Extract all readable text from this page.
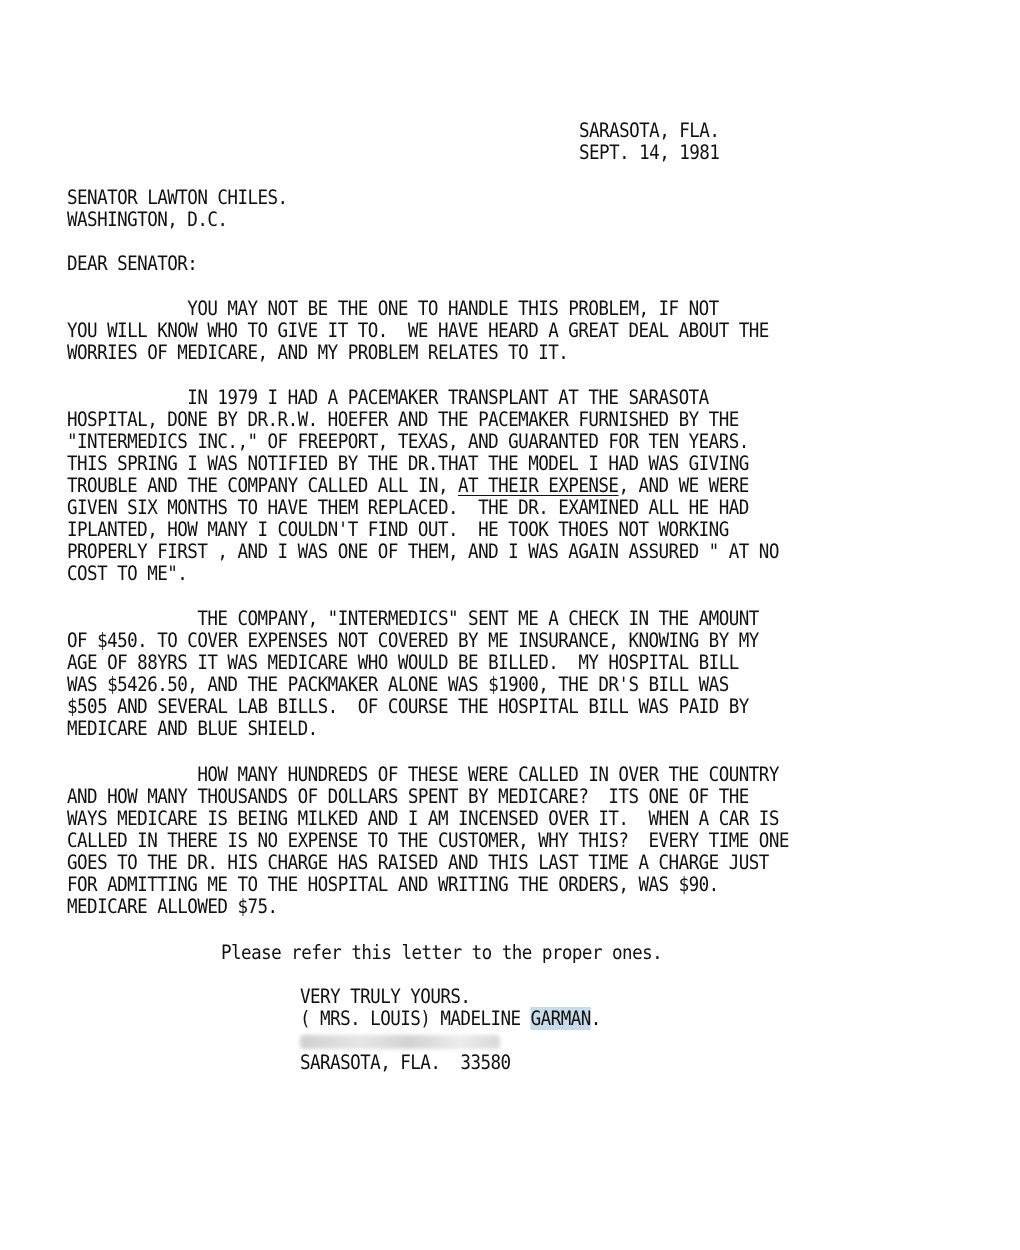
SARASOTA, FLA.
SEPT. 14, 1981
SENATOR LAWTON CHILES.
WASHINGTON, D.C.
DEAR SENATOR:
YOU MAY NOT BE THE ONE TO HANDLE THIS PROBLEM, IF NOT
YOU WILL KNOW WHO TO GIVE IT TO.  WE HAVE HEARD A GREAT DEAL ABOUT THE
WORRIES OF MEDICARE, AND MY PROBLEM RELATES TO IT.
IN 1979 I HAD A PACEMAKER TRANSPLANT AT THE SARASOTA
HOSPITAL, DONE BY DR.R.W. HOEFER AND THE PACEMAKER FURNISHED BY THE
"INTERMEDICS INC.," OF FREEPORT, TEXAS, AND GUARANTED FOR TEN YEARS.
THIS SPRING I WAS NOTIFIED BY THE DR.THAT THE MODEL I HAD WAS GIVING
TROUBLE AND THE COMPANY CALLED ALL IN, AT THEIR EXPENSE, AND WE WERE
GIVEN SIX MONTHS TO HAVE THEM REPLACED.  THE DR. EXAMINED ALL HE HAD
IPLANTED, HOW MANY I COULDN'T FIND OUT.  HE TOOK THOES NOT WORKING
PROPERLY FIRST , AND I WAS ONE OF THEM, AND I WAS AGAIN ASSURED " AT NO
COST TO ME".
THE COMPANY, "INTERMEDICS" SENT ME A CHECK IN THE AMOUNT
OF $450. TO COVER EXPENSES NOT COVERED BY ME INSURANCE, KNOWING BY MY
AGE OF 88YRS IT WAS MEDICARE WHO WOULD BE BILLED.  MY HOSPITAL BILL
WAS $5426.50, AND THE PACKMAKER ALONE WAS $1900, THE DR'S BILL WAS
$505 AND SEVERAL LAB BILLS.  OF COURSE THE HOSPITAL BILL WAS PAID BY
MEDICARE AND BLUE SHIELD.
HOW MANY HUNDREDS OF THESE WERE CALLED IN OVER THE COUNTRY
AND HOW MANY THOUSANDS OF DOLLARS SPENT BY MEDICARE?  ITS ONE OF THE
WAYS MEDICARE IS BEING MILKED AND I AM INCENSED OVER IT.  WHEN A CAR IS
CALLED IN THERE IS NO EXPENSE TO THE CUSTOMER, WHY THIS?  EVERY TIME ONE
GOES TO THE DR. HIS CHARGE HAS RAISED AND THIS LAST TIME A CHARGE JUST
FOR ADMITTING ME TO THE HOSPITAL AND WRITING THE ORDERS, WAS $90.
MEDICARE ALLOWED $75.
Please refer this letter to the proper ones.
VERY TRULY YOURS.
( MRS. LOUIS) MADELINE GARMAN.
SARASOTA, FLA.  33580
